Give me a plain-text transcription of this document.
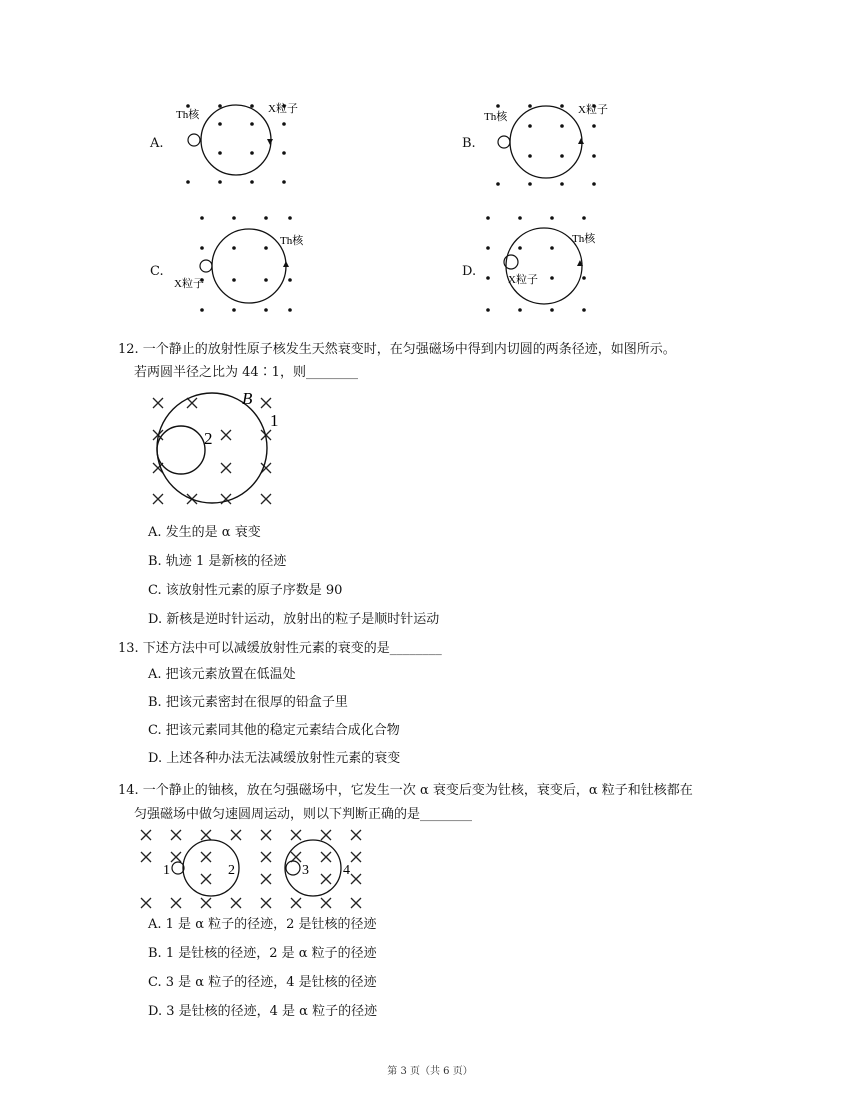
A.
Th核	X粒子
B.
Th核
X粒子
C.
Th核
X粒子
D.
Th核
X粒子
12. 一个静止的放射性原子核发生天然衰变时，在匀强磁场中得到内切圆的两条径迹，如图所示。
若两圆半径之比为 44∶1，则________
B
1
2
A. 发生的是 α 衰变
B. 轨迹 1 是新核的径迹
C. 该放射性元素的原子序数是 90
D. 新核是逆时针运动，放射出的粒子是顺时针运动
13. 下述方法中可以减缓放射性元素的衰变的是________
A. 把该元素放置在低温处
B. 把该元素密封在很厚的铅盒子里
C. 把该元素同其他的稳定元素结合成化合物
D. 上述各种办法无法减缓放射性元素的衰变
14. 一个静止的铀核，放在匀强磁场中，它发生一次 α 衰变后变为钍核，衰变后，α 粒子和钍核都在
匀强磁场中做匀速圆周运动，则以下判断正确的是________
1	2	3 4
A. 1 是 α 粒子的径迹，2 是钍核的径迹
B. 1 是钍核的径迹，2 是 α 粒子的径迹
C. 3 是 α 粒子的径迹，4 是钍核的径迹
D. 3 是钍核的径迹，4 是 α 粒子的径迹
第 3 页（共 6 页）
